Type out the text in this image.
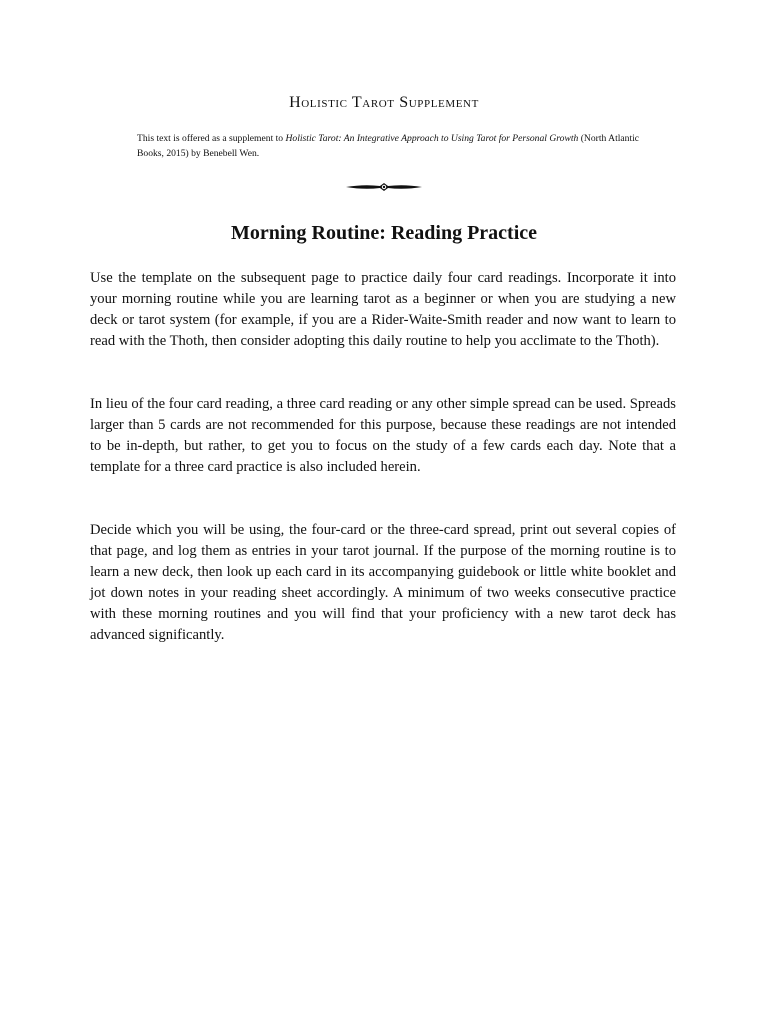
Holistic Tarot Supplement

This text is offered as a supplement to Holistic Tarot: An Integrative Approach to Using Tarot for Personal Growth (North Atlantic Books, 2015) by Benebell Wen.

Morning Routine: Reading Practice

Use the template on the subsequent page to practice daily four card readings. Incorporate it into your morning routine while you are learning tarot as a beginner or when you are studying a new deck or tarot system (for example, if you are a Rider-Waite-Smith reader and now want to learn to read with the Thoth, then consider adopting this daily routine to help you acclimate to the Thoth).

In lieu of the four card reading, a three card reading or any other simple spread can be used. Spreads larger than 5 cards are not recommended for this purpose, because these readings are not intended to be in-depth, but rather, to get you to focus on the study of a few cards each day. Note that a template for a three card practice is also included herein.

Decide which you will be using, the four-card or the three-card spread, print out several copies of that page, and log them as entries in your tarot journal. If the purpose of the morning routine is to learn a new deck, then look up each card in its accompanying guidebook or little white booklet and jot down notes in your reading sheet accordingly. A minimum of two weeks consecutive practice with these morning routines and you will find that your proficiency with a new tarot deck has advanced significantly.
